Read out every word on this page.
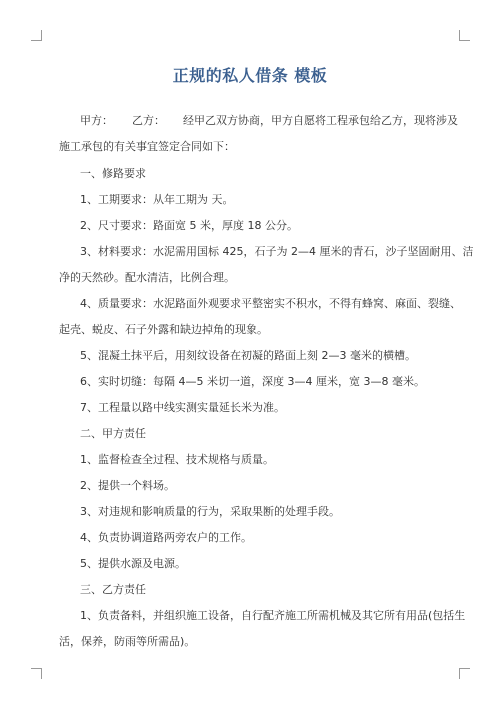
正规的私人借条 模板
甲方： 乙方： 经甲乙双方协商，甲方自愿将工程承包给乙方，现将涉及
施工承包的有关事宜签定合同如下：
一、修路要求
1、工期要求：从年工期为 天。
2、尺寸要求：路面宽 5 米，厚度 18 公分。
3、材料要求：水泥需用国标 425，石子为 2—4 厘米的青石，沙子坚固耐用、洁
净的天然砂。配水清洁，比例合理。
4、质量要求：水泥路面外观要求平整密实不积水，不得有蜂窝、麻面、裂缝、
起壳、蜕皮、石子外露和缺边掉角的现象。
5、混凝土抹平后，用刻纹设备在初凝的路面上刻 2—3 毫米的横槽。
6、实时切缝：每隔 4—5 米切一道，深度 3—4 厘米，宽 3—8 毫米。
7、工程量以路中线实测实量延长米为准。
二、甲方责任
1、监督检查全过程、技术规格与质量。
2、提供一个料场。
3、对违规和影响质量的行为，采取果断的处理手段。
4、负责协调道路两旁农户的工作。
5、提供水源及电源。
三、乙方责任
1、负责备料，并组织施工设备，自行配齐施工所需机械及其它所有用品(包括生
活，保养，防雨等所需品)。
